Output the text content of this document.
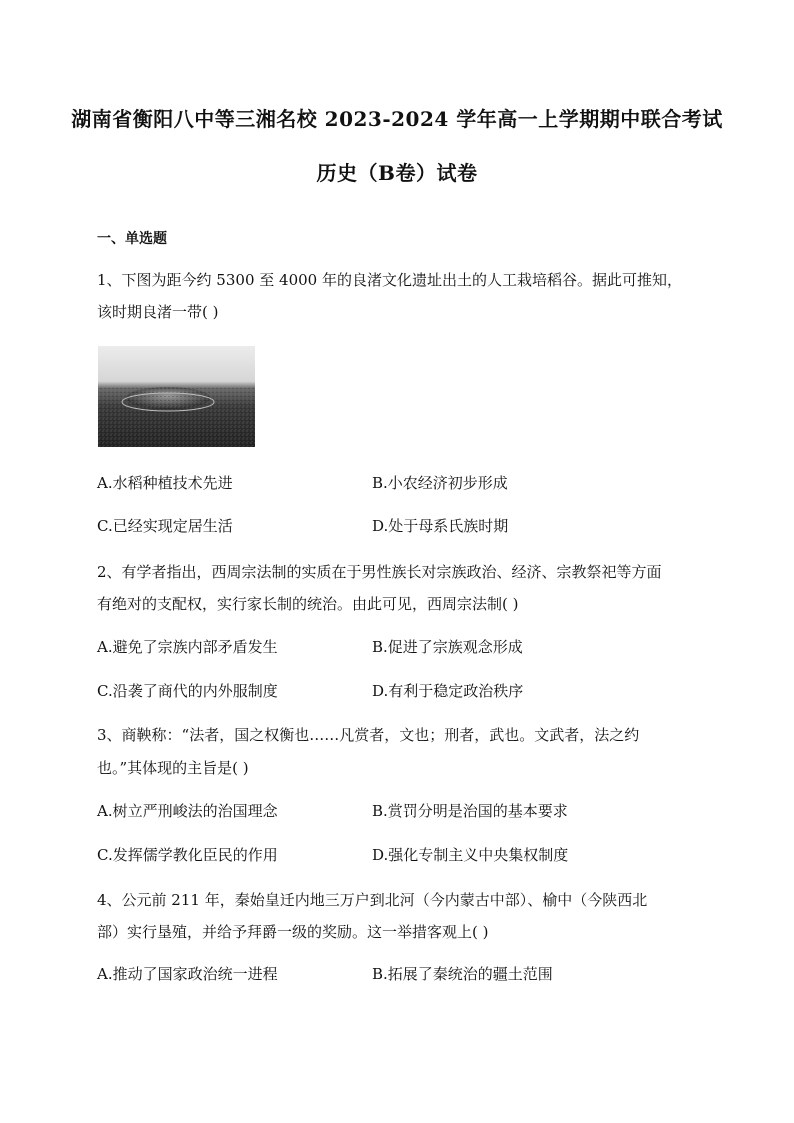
湖南省衡阳八中等三湘名校 2023-2024 学年高一上学期期中联合考试
历史（B卷）试卷
一、单选题
1、下图为距今约 5300 至 4000 年的良渚文化遗址出土的人工栽培稻谷。据此可推知，
该时期良渚一带( )
A.水稻种植技术先进	B.小农经济初步形成
C.已经实现定居生活	D.处于母系氏族时期
2、有学者指出，西周宗法制的实质在于男性族长对宗族政治、经济、宗教祭祀等方面
有绝对的支配权，实行家长制的统治。由此可见，西周宗法制( )
A.避免了宗族内部矛盾发生	B.促进了宗族观念形成
C.沿袭了商代的内外服制度	D.有利于稳定政治秩序
3、商鞅称：“法者，国之权衡也……凡赏者，文也；刑者，武也。文武者，法之约
也。”其体现的主旨是( )
A.树立严刑峻法的治国理念	B.赏罚分明是治国的基本要求
C.发挥儒学教化臣民的作用	D.强化专制主义中央集权制度
4、公元前 211 年，秦始皇迁内地三万户到北河（今内蒙古中部）、榆中（今陕西北
部）实行垦殖，并给予拜爵一级的奖励。这一举措客观上( )
A.推动了国家政治统一进程	B.拓展了秦统治的疆土范围
